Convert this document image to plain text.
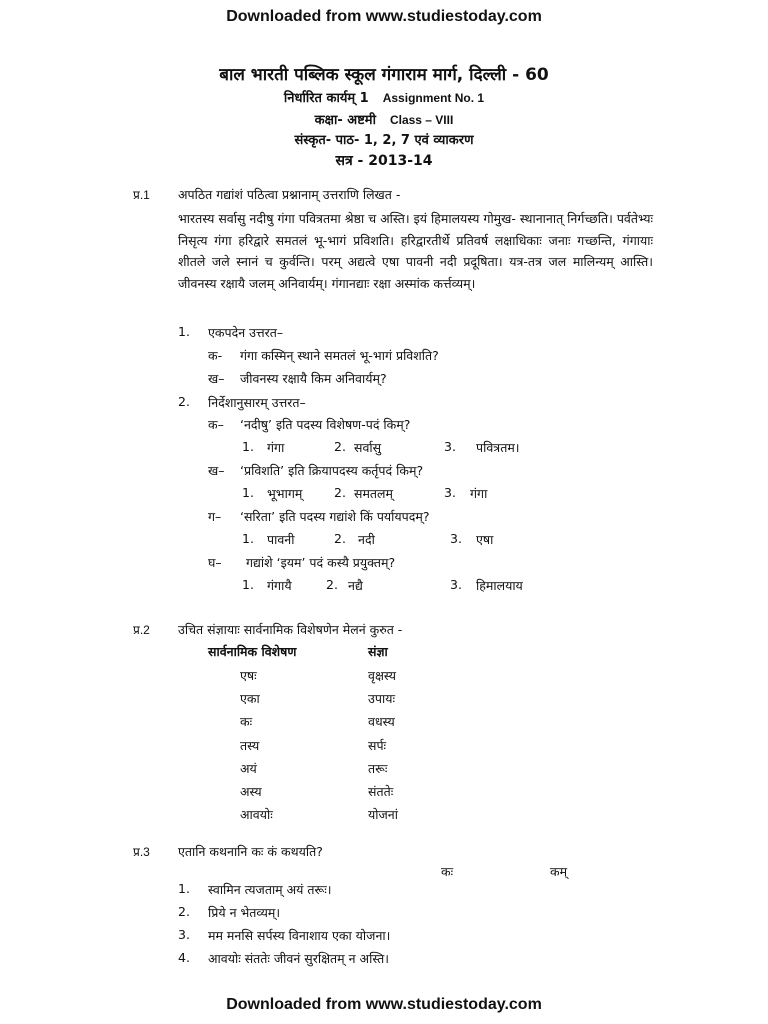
Downloaded from www.studiestoday.com
बाल भारती पब्लिक स्कूल गंगाराम मार्ग, दिल्ली - 60
निर्धारित कार्यम् 1 Assignment No. 1
कक्षा- अष्टमी Class – VIII
संस्कृत- पाठ- 1, 2, 7 एवं व्याकरण
सत्र - 2013-14
प्र.1 अपठित गद्यांशं पठित्वा प्रश्नानाम् उत्तराणि लिखत -
भारतस्य सर्वासु नदीषु गंगा पवित्रतमा श्रेष्ठा च अस्ति। इयं हिमालयस्य गोमुख- स्थानानात् निर्गच्छति। पर्वतेभ्यः निसृत्य गंगा हरिद्वारे समतलं भू-भागं प्रविशति। हरिद्वारतीर्थे प्रतिवर्ष लक्षाधिकाः जनाः गच्छन्ति, गंगायाः शीतले जले स्नानं च कुर्वन्ति। परम् अद्यत्वे एषा पावनी नदी प्रदूषिता। यत्र-तत्र जल मालिन्यम् आस्ति। जीवनस्य रक्षायै जलम् अनिवार्यम्। गंगानद्याः रक्षा अस्मांक कर्त्तव्यम्।
1. एकपदेन उत्तरत–
क- गंगा कस्मिन् स्थाने समतलं भू-भागं प्रविशति?
ख– जीवनस्य रक्षायै किम अनिवार्यम्?
2. निर्देशानुसारम् उत्तरत–
क– ‘नदीषु’ इति पदस्य विशेषण-पदं किम्?
1. गंगा	2. सर्वासु	3. पवित्रतम।
ख– ‘प्रविशति’ इति क्रियापदस्य कर्तृपदं किम्?
1. भूभागम्	2. समतलम्	3. गंगा
ग– ‘सरिता’ इति पदस्य गद्यांशे किं पर्यायपदम्?
1. पावनी	2. नदी	3. एषा
घ– गद्यांशे ‘इयम’ पदं कस्यै प्रयुक्तम्?
1. गंगायै	2. नद्यै	3. हिमालयाय
प्र.2 उचित संज्ञायाः सार्वनामिक विशेषणेन मेलनं कुरुत -
सार्वनामिक विशेषण	संज्ञा
एषः	वृक्षस्य
एका	उपायः
कः	वधस्य
तस्य	सर्पः
अयं	तरूः
अस्य	संततेः
आवयोः	योजनां
प्र.3 एतानि कथनानि कः कं कथयति?
कः	कम्
1. स्वामिन त्यजताम् अयं तरूः।
2. प्रिये न भेतव्यम्।
3. मम मनसि सर्पस्य विनाशाय एका योजना।
4. आवयोः संततेः जीवनं सुरक्षितम् न अस्ति।
Downloaded from www.studiestoday.com
